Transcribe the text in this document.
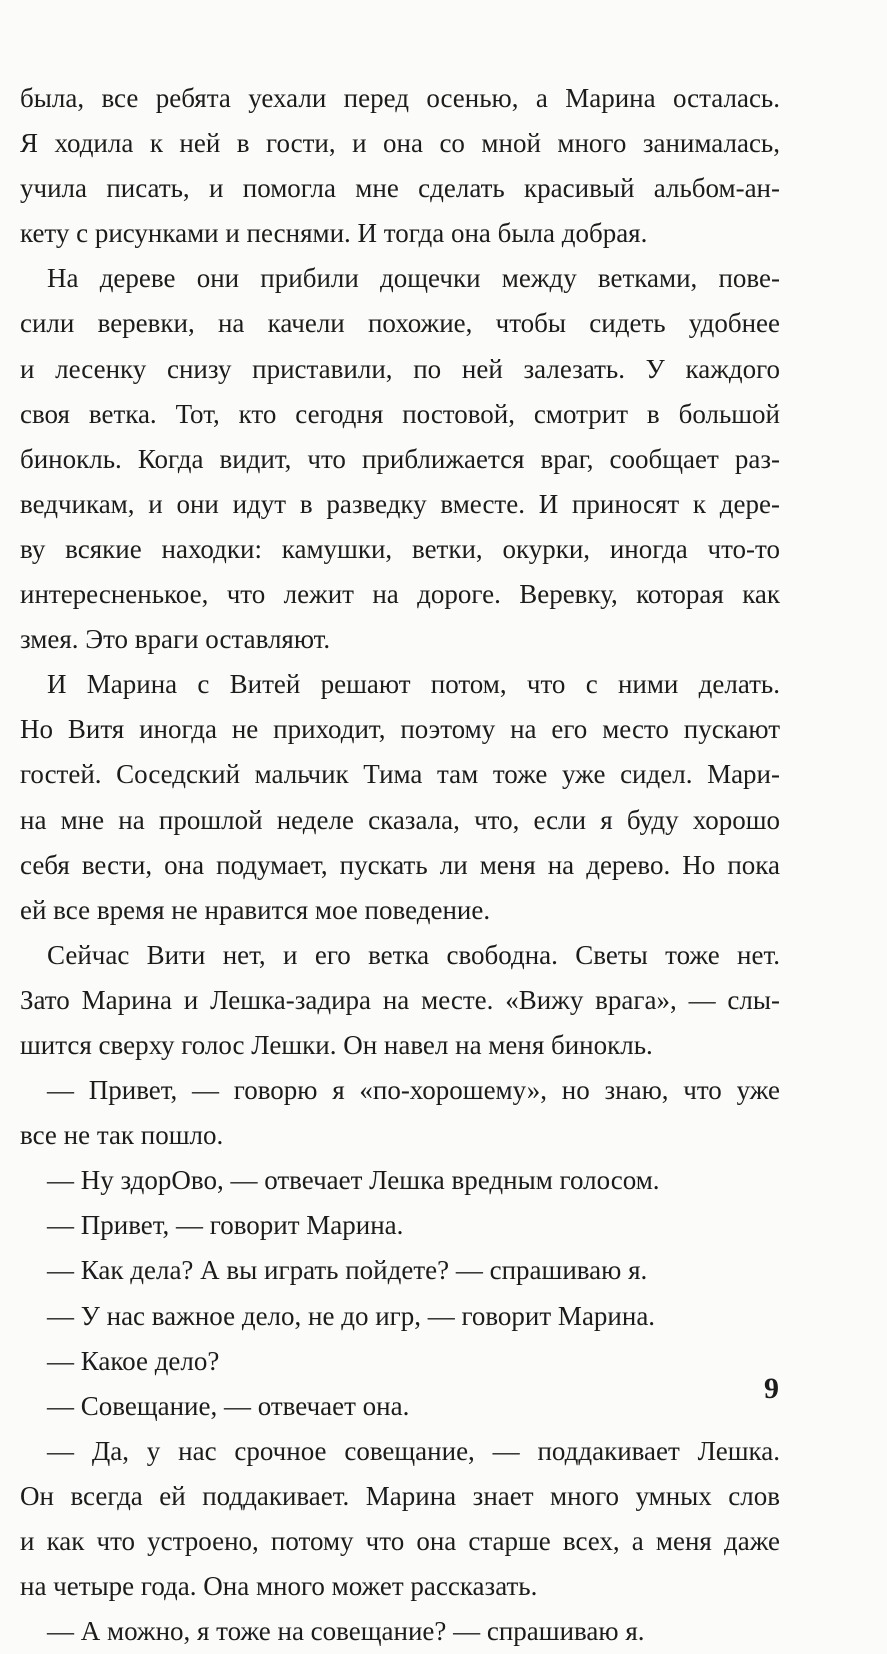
была, все ребята уехали перед осенью, а Марина осталась.
Я ходила к ней в гости, и она со мной много занималась,
учила писать, и помогла мне сделать красивый альбом-ан-
кету с рисунками и песнями. И тогда она была добрая.
На дереве они прибили дощечки между ветками, пове-
сили веревки, на качели похожие, чтобы сидеть удобнее
и лесенку снизу приставили, по ней залезать. У каждого
своя ветка. Тот, кто сегодня постовой, смотрит в большой
бинокль. Когда видит, что приближается враг, сообщает раз-
ведчикам, и они идут в разведку вместе. И приносят к дере-
ву всякие находки: камушки, ветки, окурки, иногда что-то
интересненькое, что лежит на дороге. Веревку, которая как
змея. Это враги оставляют.
И Марина с Витей решают потом, что с ними делать.
Но Витя иногда не приходит, поэтому на его место пускают
гостей. Соседский мальчик Тима там тоже уже сидел. Мари-
на мне на прошлой неделе сказала, что, если я буду хорошо
себя вести, она подумает, пускать ли меня на дерево. Но пока
ей все время не нравится мое поведение.
Сейчас Вити нет, и его ветка свободна. Светы тоже нет.
Зато Марина и Лешка-задира на месте. «Вижу врага», — слы-
шится сверху голос Лешки. Он навел на меня бинокль.
— Привет, — говорю я «по-хорошему», но знаю, что уже
все не так пошло.
— Ну здорОво, — отвечает Лешка вредным голосом.
— Привет, — говорит Марина.
— Как дела? А вы играть пойдете? — спрашиваю я.
— У нас важное дело, не до игр, — говорит Марина.
— Какое дело?
— Совещание, — отвечает она.
— Да, у нас срочное совещание, — поддакивает Лешка.
Он всегда ей поддакивает. Марина знает много умных слов
и как что устроено, потому что она старше всех, а меня даже
на четыре года. Она много может рассказать.
— А можно, я тоже на совещание? — спрашиваю я.
9
